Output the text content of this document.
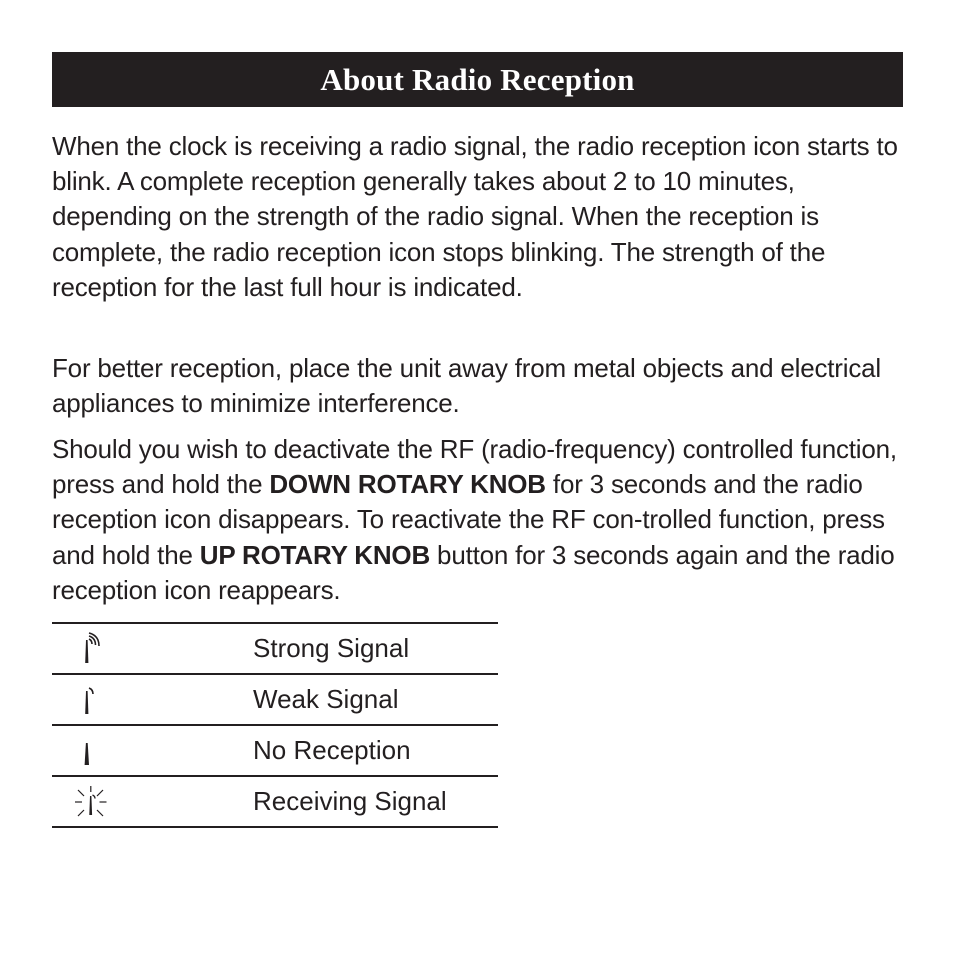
About Radio Reception

When the clock is receiving a radio signal, the radio reception icon starts to blink. A complete reception generally takes about 2 to 10 minutes, depending on the strength of the radio signal. When the reception is complete, the radio reception icon stops blinking. The strength of the reception for the last full hour is indicated.

For better reception, place the unit away from metal objects and electrical appliances to minimize interference.

Should you wish to deactivate the RF (radio-frequency) controlled function, press and hold the DOWN ROTARY KNOB for 3 seconds and the radio reception icon disappears. To reactivate the RF con-trolled function, press and hold the UP ROTARY KNOB button for 3 seconds again and the radio reception icon reappears.

Strong Signal
Weak Signal
No Reception
Receiving Signal
